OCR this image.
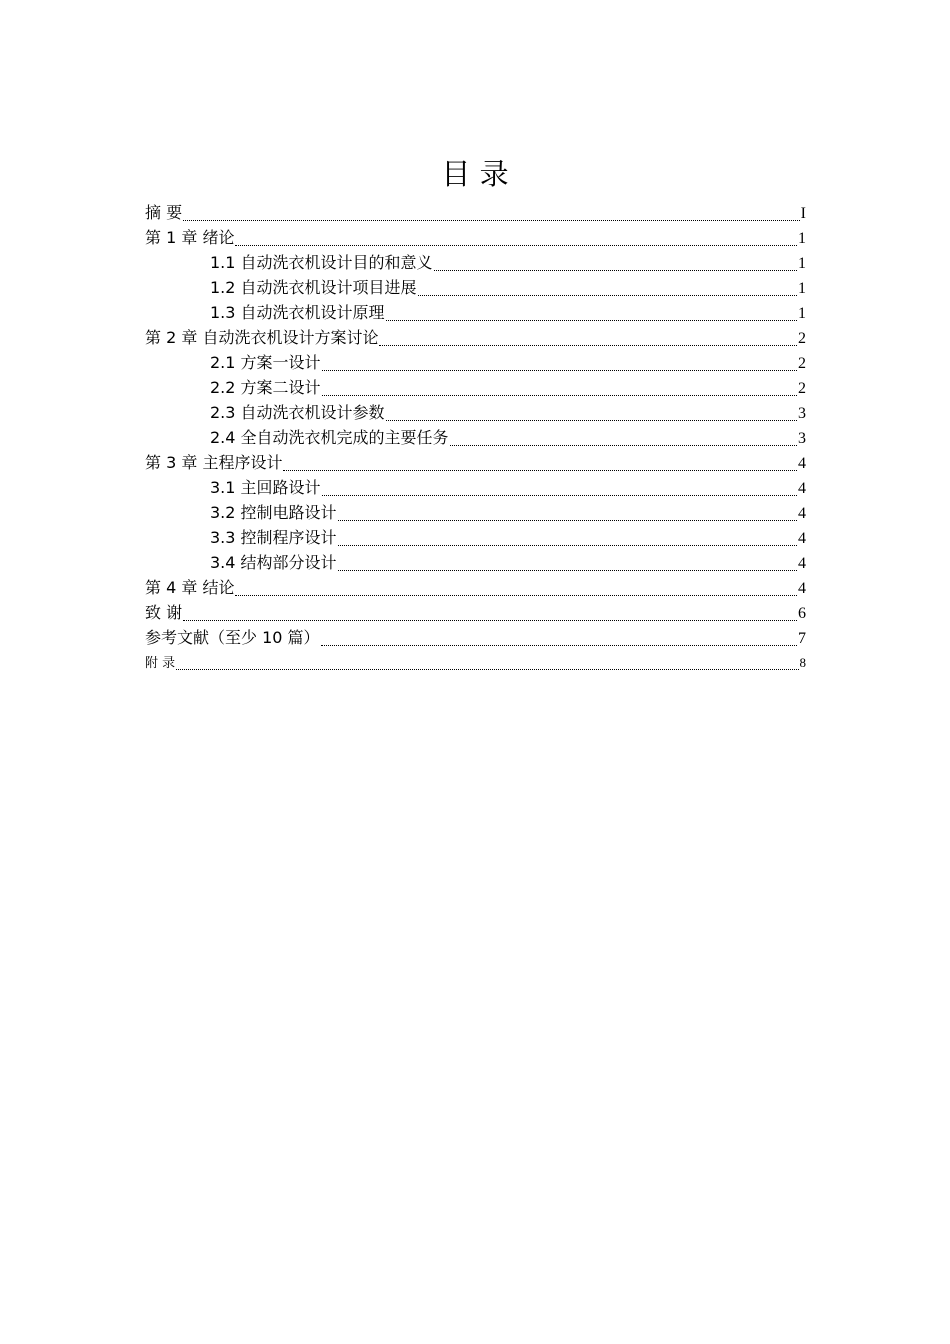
目 录
摘 要	I
第 1 章 绪论	1
1.1 自动洗衣机设计目的和意义	1
1.2 自动洗衣机设计项目进展	1
1.3 自动洗衣机设计原理	1
第 2 章 自动洗衣机设计方案讨论	2
2.1 方案一设计	2
2.2 方案二设计	2
2.3 自动洗衣机设计参数	3
2.4 全自动洗衣机完成的主要任务	3
第 3 章 主程序设计	4
3.1 主回路设计	4
3.2 控制电路设计	4
3.3 控制程序设计	4
3.4 结构部分设计	4
第 4 章 结论	4
致 谢	6
参考文献（至少 10 篇）	7
附 录	8
